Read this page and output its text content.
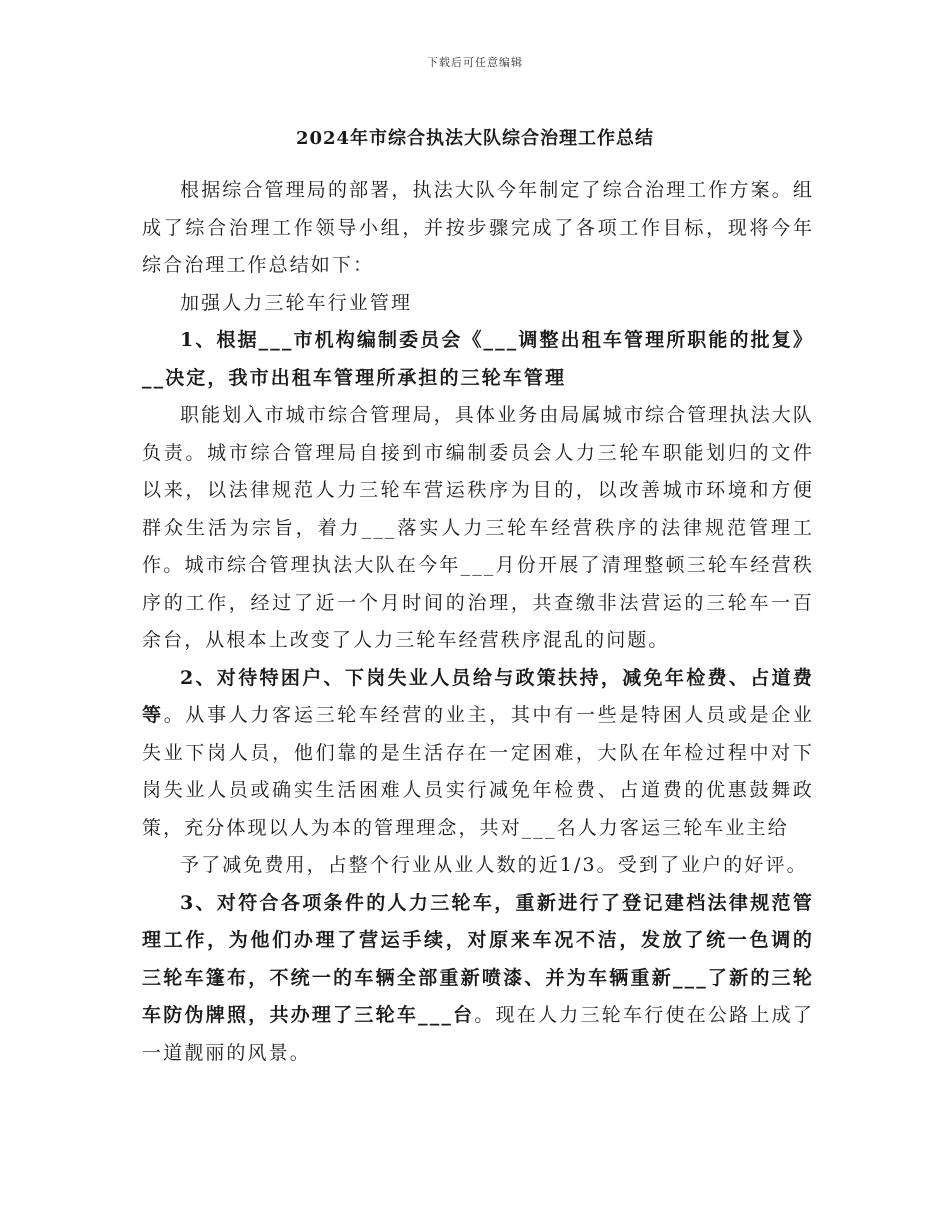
下载后可任意编辑
2024年市综合执法大队综合治理工作总结

根据综合管理局的部署，执法大队今年制定了综合治理工作方案。组成了综合治理工作领导小组，并按步骤完成了各项工作目标，现将今年综合治理工作总结如下：

加强人力三轮车行业管理

1、根据___市机构编制委员会《___调整出租车管理所职能的批复》__决定，我市出租车管理所承担的三轮车管理

职能划入市城市综合管理局，具体业务由局属城市综合管理执法大队负责。城市综合管理局自接到市编制委员会人力三轮车职能划归的文件以来，以法律规范人力三轮车营运秩序为目的，以改善城市环境和方便群众生活为宗旨，着力___落实人力三轮车经营秩序的法律规范管理工作。城市综合管理执法大队在今年___月份开展了清理整顿三轮车经营秩序的工作，经过了近一个月时间的治理，共查缴非法营运的三轮车一百余台，从根本上改变了人力三轮车经营秩序混乱的问题。

2、对待特困户、下岗失业人员给与政策扶持，减免年检费、占道费等。从事人力客运三轮车经营的业主，其中有一些是特困人员或是企业失业下岗人员，他们靠的是生活存在一定困难，大队在年检过程中对下岗失业人员或确实生活困难人员实行减免年检费、占道费的优惠鼓舞政策，充分体现以人为本的管理理念，共对___名人力客运三轮车业主给

予了减免费用，占整个行业从业人数的近1/3。受到了业户的好评。

3、对符合各项条件的人力三轮车，重新进行了登记建档法律规范管理工作，为他们办理了营运手续，对原来车况不洁，发放了统一色调的三轮车篷布，不统一的车辆全部重新喷漆、并为车辆重新___了新的三轮车防伪牌照，共办理了三轮车___台。现在人力三轮车行使在公路上成了一道靓丽的风景。
